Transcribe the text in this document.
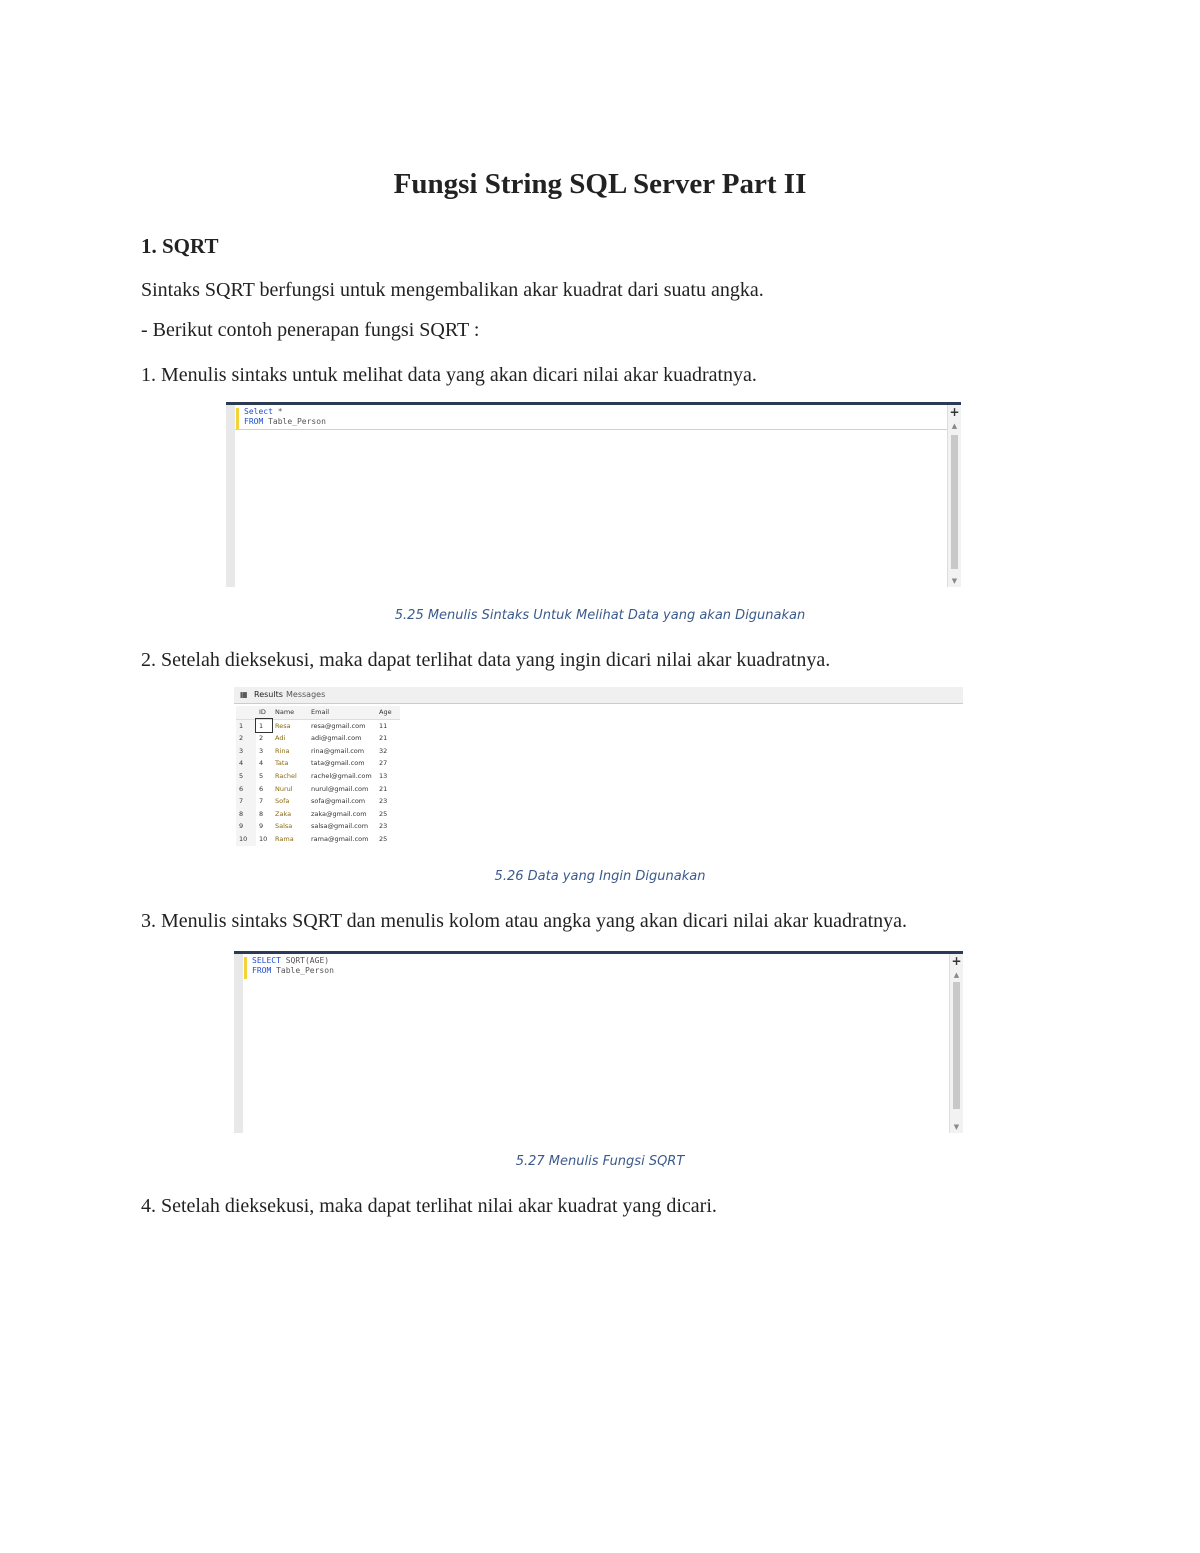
Fungsi String SQL Server Part II
1. SQRT
Sintaks SQRT berfungsi untuk mengembalikan akar kuadrat dari suatu angka.
- Berikut contoh penerapan fungsi SQRT :
1. Menulis sintaks untuk melihat data yang akan dicari nilai akar kuadratnya.
Select *
FROM Table_Person
+
▲
▼
5.25 Menulis Sintaks Untuk Melihat Data yang akan Digunakan
2. Setelah dieksekusi, maka dapat terlihat data yang ingin dicari nilai akar kuadratnya.
▦ Results Messages
	ID	Name	Email	Age
1	1	Resa	resa@gmail.com	11
2	2	Adi	adi@gmail.com	21
3	3	Rina	rina@gmail.com	32
4	4	Tata	tata@gmail.com	27
5	5	Rachel	rachel@gmail.com	13
6	6	Nurul	nurul@gmail.com	21
7	7	Sofa	sofa@gmail.com	23
8	8	Zaka	zaka@gmail.com	25
9	9	Salsa	salsa@gmail.com	23
10	10	Rama	rama@gmail.com	25
5.26 Data yang Ingin Digunakan
3. Menulis sintaks SQRT dan menulis kolom atau angka yang akan dicari nilai akar kuadratnya.
SELECT SQRT(AGE)
FROM Table_Person
+
▲
▼
5.27 Menulis Fungsi SQRT
4. Setelah dieksekusi, maka dapat terlihat nilai akar kuadrat yang dicari.
